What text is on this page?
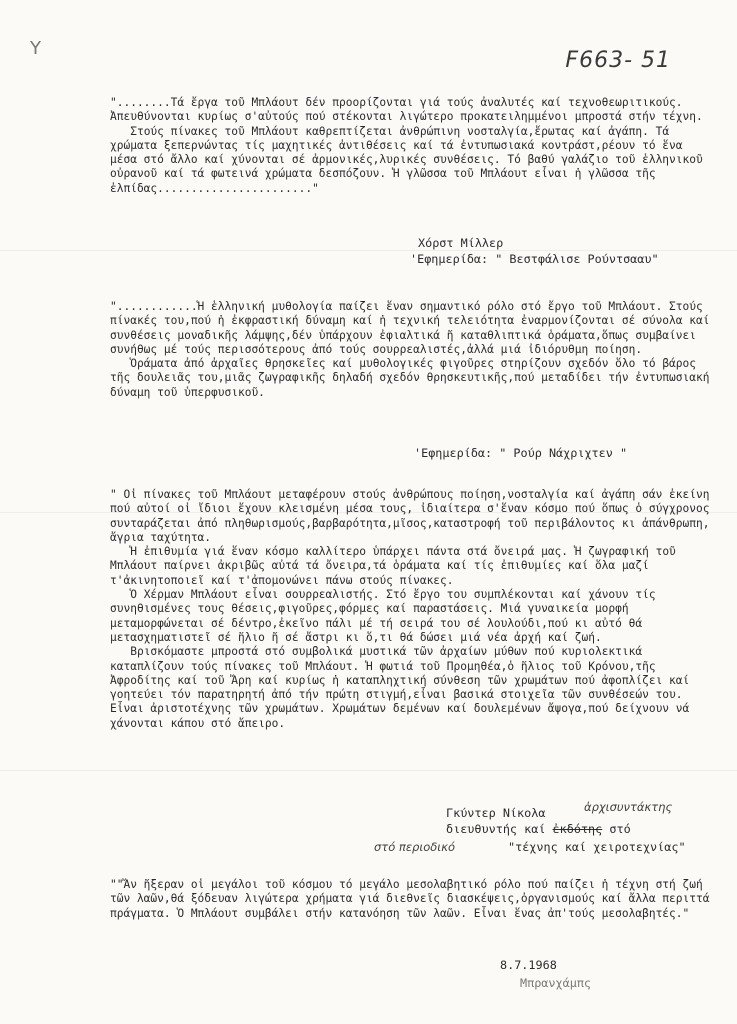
Y	F663- 51
"........Τά ἔργα τοῦ Μπλάουτ δέν προορίζονται γιά τούς ἀναλυτές καί τεχνοθεωριτικούς. Ἀπευθύνονται κυρίως σ'αὐτούς πού στέκονται λιγώτερο προκατειλημμένοι μπροστά στήν τέχνη.
Στούς πίνακες τοῦ Μπλάουτ καθρεπτίζεται ἀνθρώπινη νοσταλγία,ἔρωτας καί ἀγάπη. Τά χρώματα ξεπερνώντας τίς μαχητικές ἀντιθέσεις καί τά ἐντυπωσιακά κοντράστ,ρέουν τό ἕνα μέσα στό ἄλλο καί χύνονται σέ ἁρμονικές,λυρικές συνθέσεις. Τό βαθύ γαλάζιο τοῦ ἑλληνικοῦ οὐρανοῦ καί τά φωτεινά χρώματα δεσπόζουν. Ἡ γλῶσσα τοῦ Μπλάουτ εἶναι ἡ γλῶσσα τῆς ἐλπίδας......................."
Χόρστ Μίλλερ
'Εφημερίδα: " Βεστφάλισε Ρούντσααυ"
"............Ἡ ἑλληνική μυθολογία παίζει ἕναν σημαντικό ρόλο στό ἔργο τοῦ Μπλάουτ. Στούς πίνακές του,πού ἡ ἐκφραστική δύναμη καί ἡ τεχνική τελειότητα ἐναρμονίζονται σέ σύνολα καί συνθέσεις μοναδικῆς λάμψης,δέν ὑπάρχουν ἐφιαλτικά ἤ καταθλιπτικά ὁράματα,ὅπως συμβαίνει συνήθως μέ τούς περισσότερους ἀπό τούς σουρρεαλιστές,ἀλλά μιά ἰδιόρυθμη ποίηση.
Ὁράματα ἀπό ἀρχαῖες θρησκεῖες καί μυθολογικές φιγοῦρες στηρίζουν σχεδόν ὅλο τό βάρος τῆς δουλειᾶς του,μιᾶς ζωγραφικῆς δηλαδή σχεδόν θρησκευτικῆς,πού μεταδίδει τήν ἐντυπωσιακή δύναμη τοῦ ὑπερφυσικοῦ.
'Εφημερίδα: " Ρούρ Νάχριχτεν "
" Οἱ πίνακες τοῦ Μπλάουτ μεταφέρουν στούς ἀνθρώπους ποίηση,νοσταλγία καί ἀγάπη σάν ἐκείνη πού αὐτοί οἱ ἴδιοι ἔχουν κλεισμένη μέσα τους, ἰδιαίτερα σ'ἕναν κόσμο πού ὅπως ὁ σύγχρονος συνταράζεται ἀπό πληθωρισμούς,βαρβαρότητα,μῖσος,καταστροφή τοῦ περιβάλοντος κι ἀπάνθρωπη, ἄγρια ταχύτητα.
Ἡ ἐπιθυμία γιά ἕναν κόσμο καλλίτερο ὑπάρχει πάντα στά ὄνειρά μας. Ἡ ζωγραφική τοῦ Μπλάουτ παίρνει ἀκριβῶς αὐτά τά ὄνειρα,τά ὁράματα καί τίς ἐπιθυμίες καί ὅλα μαζί τ'ἀκινητοποιεῖ καί τ'ἀπομονώνει πάνω στούς πίνακες.
Ὁ Χέρμαν Μπλάουτ εἶναι σουρρεαλιστής. Στό ἔργο του συμπλέκονται καί χάνουν τίς συνηθισμένες τους θέσεις,φιγοῦρες,φόρμες καί παραστάσεις. Μιά γυναικεία μορφή μεταμορφώνεται σέ δέντρο,ἐκεῖνο πάλι μέ τή σειρά του σέ λουλούδι,πού κι αὐτό θά μετασχηματιστεῖ σέ ἥλιο ἤ σέ ἄστρι κι ὅ,τι θά δώσει μιά νέα ἀρχή καί ζωή.
Βρισκόμαστε μπροστά στό συμβολικά μυστικά τῶν ἀρχαίων μύθων πού κυριολεκτικά καταπλίζουν τούς πίνακες τοῦ Μπλάουτ. Ἡ φωτιά τοῦ Προμηθέα,ὁ ἥλιος τοῦ Κρόνου,τῆς Ἀφροδίτης καί τοῦ Ἄρη καί κυρίως ἡ καταπληχτική σύνθεση τῶν χρωμάτων πού ἀφοπλίζει καί γοητεύει τόν παρατηρητή ἀπό τήν πρώτη στιγμή,εἶναι βασικά στοιχεῖα τῶν συνθέσεών του. Εἶναι ἀριστοτέχνης τῶν χρωμάτων. Χρωμάτων δεμένων καί δουλεμένων ἄψογα,πού δείχνουν νά χάνονται κάπου στό ἄπειρο.
Γκύντερ Νίκολα	ἀρχισυντάκτης
διευθυντής καί ἐκδότης στό
στό περιοδικό	"τέχνης καί χειροτεχνίας"
""Ἄν ἤξεραν οἱ μεγάλοι τοῦ κόσμου τό μεγάλο μεσολαβητικό ρόλο πού παίζει ἡ τέχνη στή ζωή τῶν λαῶν,θά ξόδευαν λιγώτερα χρήματα γιά διεθνεῖς διασκέψεις,ὀργανισμούς καί ἄλλα περιττά πράγματα. Ὁ Μπλάουτ συμβάλει στήν κατανόηση τῶν λαῶν. Εἶναι ἕνας ἀπ'τούς μεσολαβητές."
8.7.1968
Μπρανχάμπς
